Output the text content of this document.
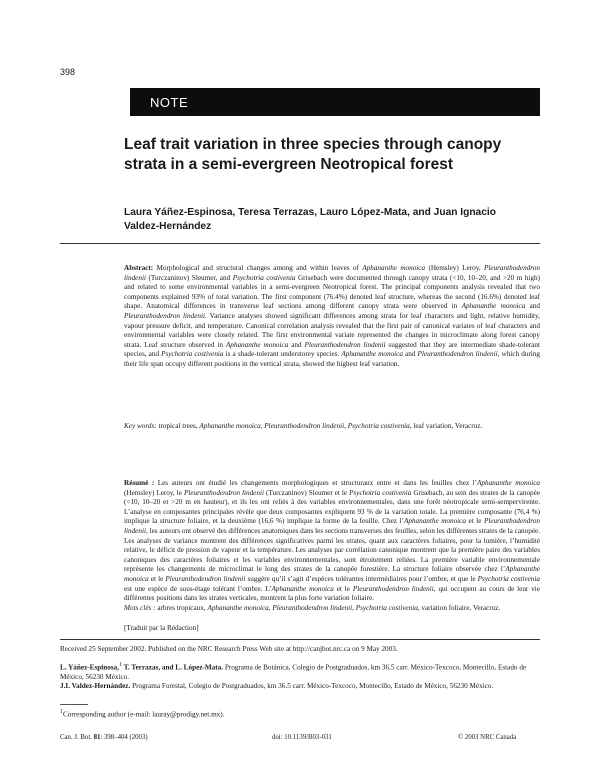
398
NOTE
Leaf trait variation in three species through canopy strata in a semi-evergreen Neotropical forest

Laura Yáñez-Espinosa, Teresa Terrazas, Lauro López-Mata, and Juan Ignacio Valdez-Hernández

Abstract: Morphological and structural changes among and within leaves of Aphananthe monoica (Hemsley) Leroy, Pleuranthodendron lindenii (Turczaninov) Sleumer, and Psychotria costivenia Grisebach were documented through canopy strata (<10, 10–20, and >20 m high) and related to some environmental variables in a semi-evergreen Neotropical forest. The principal components analysis revealed that two components explained 93% of total variation. The first component (76.4%) denoted leaf structure, whereas the second (16.6%) denoted leaf shape. Anatomical differences in transverse leaf sections among different canopy strata were observed in Aphananthe monoica and Pleuranthodendron lindenii. Variance analyses showed significant differences among strata for leaf characters and light, relative humidity, vapour pressure deficit, and temperature. Canonical correlation analysis revealed that the first pair of canonical variates of leaf characters and environmental variables were closely related. The first environmental variate represented the changes in microclimate along forest canopy strata. Leaf structure observed in Aphananthe monoica and Pleuranthodendron lindenii suggested that they are intermediate shade-tolerant species, and Psychotria costivenia is a shade-tolerant understorey species. Aphananthe monoica and Pleuranthodendron lindenii, which during their life span occupy different positions in the vertical strata, showed the highest leaf variation.

Key words: tropical trees, Aphananthe monoica, Pleuranthodendron lindenii, Psychotria costivenia, leaf variation, Veracruz.

Résumé : Les auteurs ont étudié les changements morphologiques et structuraux entre et dans les feuilles chez l’Aphananthe monoica (Hemsley) Leroy, le Pleuranthodendron lindenii (Turczaninov) Sleumer et le Psychotria costivenia Grisebach, au sein des strates de la canopée (<10, 10–20 et >20 m en hauteur), et ils les ont reliés à des variables environnementales, dans une forêt néotropicale semi-sempervirente. L’analyse en composantes principales révèle que deux composantes expliquent 93 % de la variation totale. La première composante (76,4 %) implique la structure foliaire, et la deuxième (16,6 %) implique la forme de la feuille. Chez l’Aphananthe monoica et le Pleuranthodendron lindenii, les auteurs ont observé des différences anatomiques dans les sections transverses des feuilles, selon les différentes strates de la canopée. Les analyses de variance montrent des différences significatives parmi les strates, quant aux caractères foliaires, pour la lumière, l’humidité relative, le déficit de pression de vapeur et la température. Les analyses par corrélation canonique montrent que la première paire des variables canoniques des caractères foliaires et les variables environnementales, sont étroitement reliées. La première variable environnementale représente les changements de microclimat le long des strates de la canopée forestière. La structure foliaire observée chez l’Aphananthe monoica et le Pleuranthodendron lindenii suggère qu’il s’agit d’espèces tolérantes intermédiaires pour l’ombre, et que le Psychotria costivenia est une espèce de sous-étage tolérant l’ombre. L’Aphananthe monoica et le Pleuranthodendron lindenii, qui occupent au cours de leur vie différentes positions dans les strates verticales, montrent la plus forte variation foliaire.

Mots clés : arbres tropicaux, Aphananthe monoica, Pleuranthodendron lindenii, Psychotria costivenia, variation foliaire, Veracruz.

[Traduit par la Rédaction]

Received 25 September 2002. Published on the NRC Research Press Web site at http://canjbot.nrc.ca on 9 May 2003.

L. Yáñez-Espinosa,$^1$ T. Terrazas, and L. López-Mata. Programa de Botánica, Colegio de Postgraduados, km 36.5 carr. México-Texcoco, Montecillo, Estado de México, 56230 México.

J.I. Valdez-Hernández. Programa Forestal, Colegio de Postgraduados, km 36.5 carr. México-Texcoco, Montecillo, Estado de México, 56230 México.

$^1$Corresponding author (e-mail: lauray@prodigy.net.mx).

Can. J. Bot. 81: 398–404 (2003)	doi: 10.1139/B03-031	© 2003 NRC Canada
